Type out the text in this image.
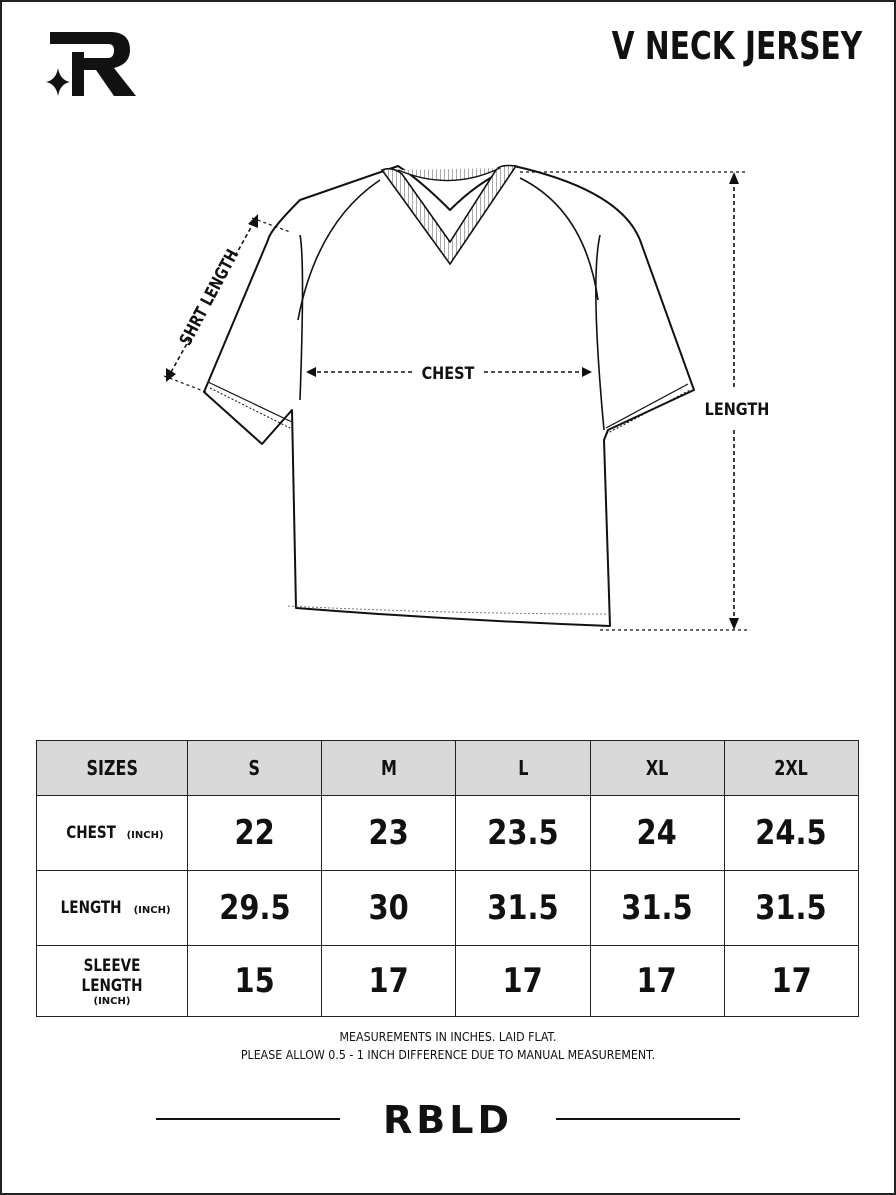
V NECK JERSEY
CHEST
LENGTH
SHRT LENGTH
SIZES	S	M	L	XL	2XL
CHEST (INCH)	22	23	23.5	24	24.5
LENGTH (INCH)	29.5	30	31.5	31.5	31.5
SLEEVE LENGTH
(INCH)	15	17	17	17	17
MEASUREMENTS IN INCHES. LAID FLAT.
PLEASE ALLOW 0.5 - 1 INCH DIFFERENCE DUE TO MANUAL MEASUREMENT.
RBLD
